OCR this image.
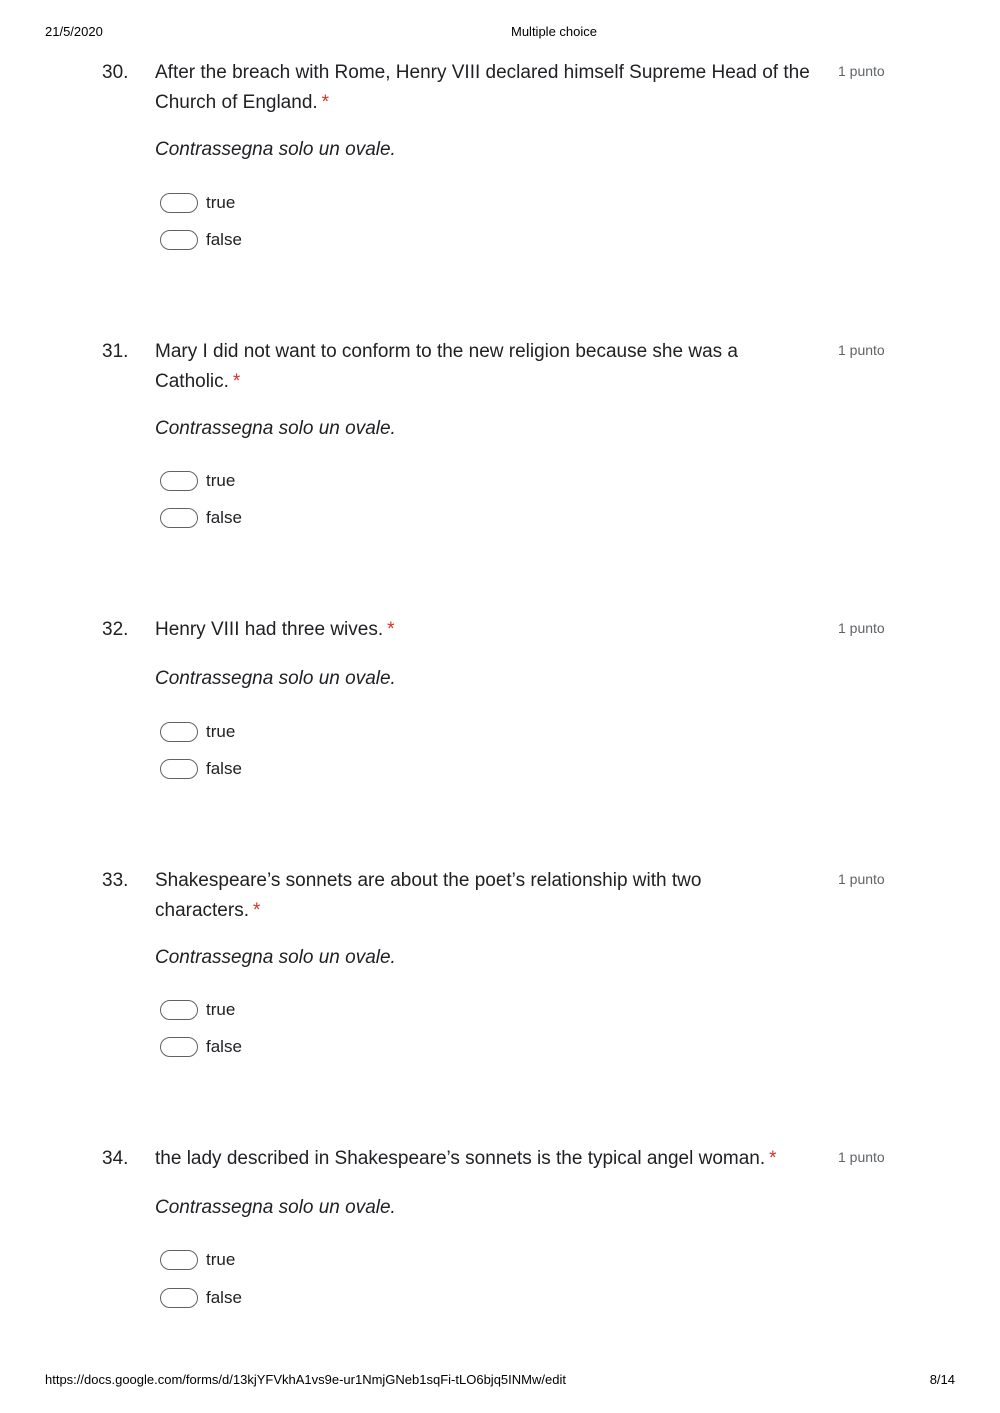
21/5/2020	Multiple choice
30. After the breach with Rome, Henry VIII declared himself Supreme Head of the Church of England. *
1 punto
Contrassegna solo un ovale.
true
false
31. Mary I did not want to conform to the new religion because she was a Catholic. *
1 punto
Contrassegna solo un ovale.
true
false
32. Henry VIII had three wives. *	1 punto
Contrassegna solo un ovale.
true
false
33. Shakespeare’s sonnets are about the poet’s relationship with two characters. *
1 punto
Contrassegna solo un ovale.
true
false
34. the lady described in Shakespeare’s sonnets is the typical angel woman. *	1 punto
Contrassegna solo un ovale.
true
false
https://docs.google.com/forms/d/13kjYFVkhA1vs9e-ur1NmjGNeb1sqFi-tLO6bjq5INMw/edit	8/14
